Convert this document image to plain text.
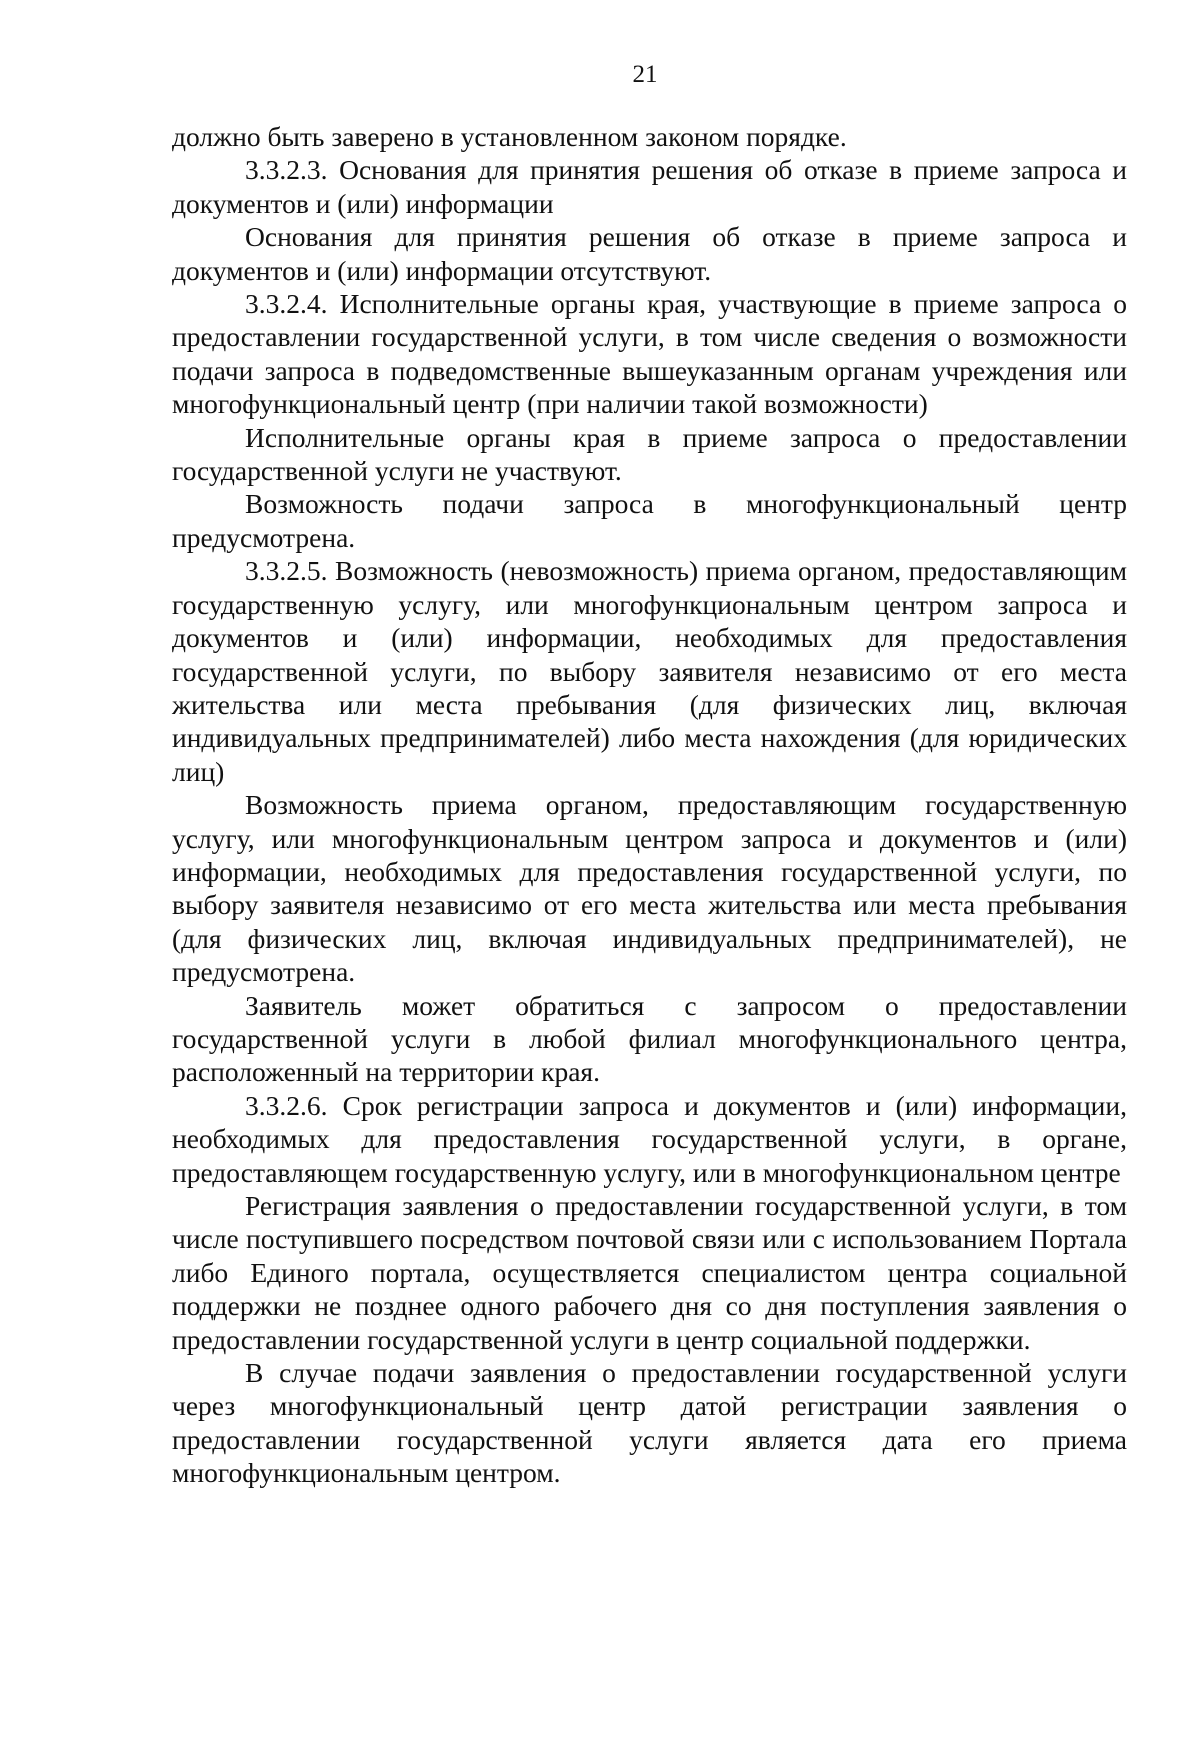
21

должно быть заверено в установленном законом порядке.

3.3.2.3. Основания для принятия решения об отказе в приеме запроса и документов и (или) информации

Основания для принятия решения об отказе в приеме запроса и документов и (или) информации отсутствуют.

3.3.2.4. Исполнительные органы края, участвующие в приеме запроса о предоставлении государственной услуги, в том числе сведения о возможности подачи запроса в подведомственные вышеуказанным органам учреждения или многофункциональный центр (при наличии такой возможности)

Исполнительные органы края в приеме запроса о предоставлении государственной услуги не участвуют.

Возможность подачи запроса в многофункциональный центр предусмотрена.

3.3.2.5. Возможность (невозможность) приема органом, предоставляющим государственную услугу, или многофункциональным центром запроса и документов и (или) информации, необходимых для предоставления государственной услуги, по выбору заявителя независимо от его места жительства или места пребывания (для физических лиц, включая индивидуальных предпринимателей) либо места нахождения (для юридических лиц)

Возможность приема органом, предоставляющим государственную услугу, или многофункциональным центром запроса и документов и (или) информации, необходимых для предоставления государственной услуги, по выбору заявителя независимо от его места жительства или места пребывания (для физических лиц, включая индивидуальных предпринимателей), не предусмотрена.

Заявитель может обратиться с запросом о предоставлении государственной услуги в любой филиал многофункционального центра, расположенный на территории края.

3.3.2.6. Срок регистрации запроса и документов и (или) информации, необходимых для предоставления государственной услуги, в органе, предоставляющем государственную услугу, или в многофункциональном центре

Регистрация заявления о предоставлении государственной услуги, в том числе поступившего посредством почтовой связи или с использованием Портала либо Единого портала, осуществляется специалистом центра социальной поддержки не позднее одного рабочего дня со дня поступления заявления о предоставлении государственной услуги в центр социальной поддержки.

В случае подачи заявления о предоставлении государственной услуги через многофункциональный центр датой регистрации заявления о предоставлении государственной услуги является дата его приема многофункциональным центром.
